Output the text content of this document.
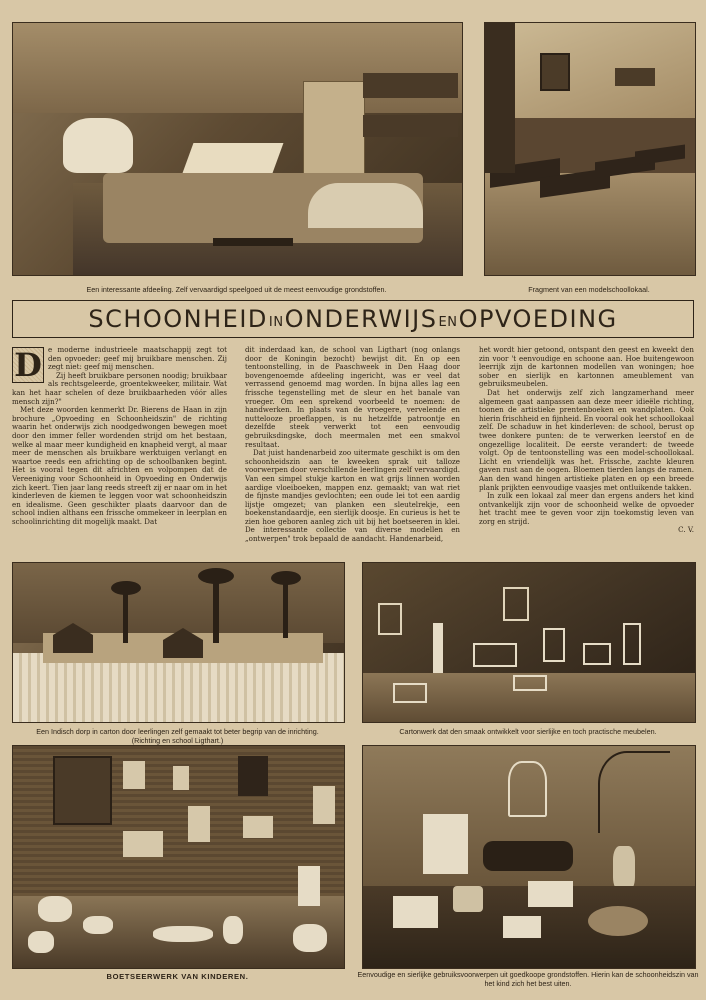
Een interessante afdeeling. Zelf vervaardigd speelgoed uit de meest eenvoudige grondstoffen.	Fragment van een modelschoollokaal.
SCHOONHEID IN ONDERWIJS EN OPVOEDING
D e moderne industrieele maatschappij zegt tot den opvoeder: geef mij bruikbare menschen. Zij zegt niet: geef mij menschen.

Zij heeft bruikbare personen noodig; bruikbaar als rechtsgeleerde, groentekweeker, militair. Wat kan het haar schelen of deze bruikbaarheden vóór alles mensch zijn?"

Met deze woorden kenmerkt Dr. Bierens de Haan in zijn brochure „Opvoeding en Schoonheidszin" de richting waarin het onderwijs zich noodgedwongen bewegen moet door den immer feller wordenden strijd om het bestaan, welke al maar meer kundigheid en knapheid vergt, al maar meer de menschen als bruikbare werktuigen verlangt en waartoe reeds een africhting op de schoolbanken begint. Het is vooral tegen dit africhten en volpompen dat de Vereeniging voor Schoonheid in Opvoeding en Onderwijs zich keert. Tien jaar lang reeds streeft zij er naar om in het kinderleven de kiemen te leggen voor wat schoonheidszin en idealisme. Geen geschikter plaats daarvoor dan de school indien althans een frissche ommekeer in leerplan en schoolinrichting dit mogelijk maakt. Dat

dit inderdaad kan, de school van Ligthart (nog onlangs door de Koningin bezocht) bewijst dit. En op een tentoonstelling, in de Paaschweek in Den Haag door bovengenoemde afdeeling ingericht, was er veel dat verrassend genoemd mag worden. In bijna alles lag een frissche tegenstelling met de sleur en het banale van vroeger. Om een sprekend voorbeeld te noemen: de handwerken. In plaats van de vroegere, vervelende en nuttelooze proeflappen, is nu hetzelfde patroontje en dezelfde steek verwerkt tot een eenvoudig gebruiksdingske, doch meermalen met een smakvol resultaat.

Dat juist handenarbeid zoo uitermate geschikt is om den schoonheidszin aan te kweeken sprak uit talloze voorwerpen door verschillende leerlingen zelf vervaardigd. Van een simpel stukje karton en wat grijs linnen worden aardige vloeiboeken, mappen enz. gemaakt; van wat riet de fijnste mandjes gevlochten; een oude lei tot een aardig lijstje omgezet; van planken een sleutelrekje, een boekenstandaardje, een sierlijk doosje. En curieus is het te zien hoe geboren aanleg zich uit bij het boetseeren in klei. De interessante collectie van diverse modellen en „ontwerpen" trok bepaald de aandacht. Handenarbeid,

het wordt hier getoond, ontspant den geest en kweekt den zin voor 't eenvoudige en schoone aan. Hoe buitengewoon leerrijk zijn de kartonnen modellen van woningen; hoe sober en sierlijk en kartonnen ameublement van gebruiksmeubelen.

Dat het onderwijs zelf zich langzamerhand meer algemeen gaat aanpassen aan deze meer idieële richting, toonen de artistieke prentenboeken en wandplaten. Ook hierin frischheid en fijnheid. En vooral ook het schoollokaal zelf. De schaduw in het kinderleven: de school, berust op twee donkere punten: de te verwerken leerstof en de ongezellige localiteit. De eerste verandert: de tweede volgt. Op de tentoonstelling was een model-schoollokaal. Licht en vriendelijk was het. Frissche, zachte kleuren gaven rust aan de oogen. Bloemen tierden langs de ramen. Aan den wand hingen artistieke platen en op een breede plank prijkten eenvoudige vaasjes met ontluikende takken.

In zulk een lokaal zal meer dan ergens anders het kind ontvankelijk zijn voor de schoonheid welke de opvoeder het tracht mee te geven voor zijn toekomstig leven van zorg en strijd.

C. V.
Een Indisch dorp in carton door leerlingen zelf gemaakt tot beter begrip van de inrichting.
(Richting en school Ligthart.)
Cartonwerk dat den smaak ontwikkelt voor sierlijke en toch practische meubelen.
BOETSEERWERK VAN KINDEREN.	Eenvoudige en sierlijke gebruiksvoorwerpen uit goedkoope grondstoffen. Hierin kan de schoonheidszin van het kind zich het best uiten.
